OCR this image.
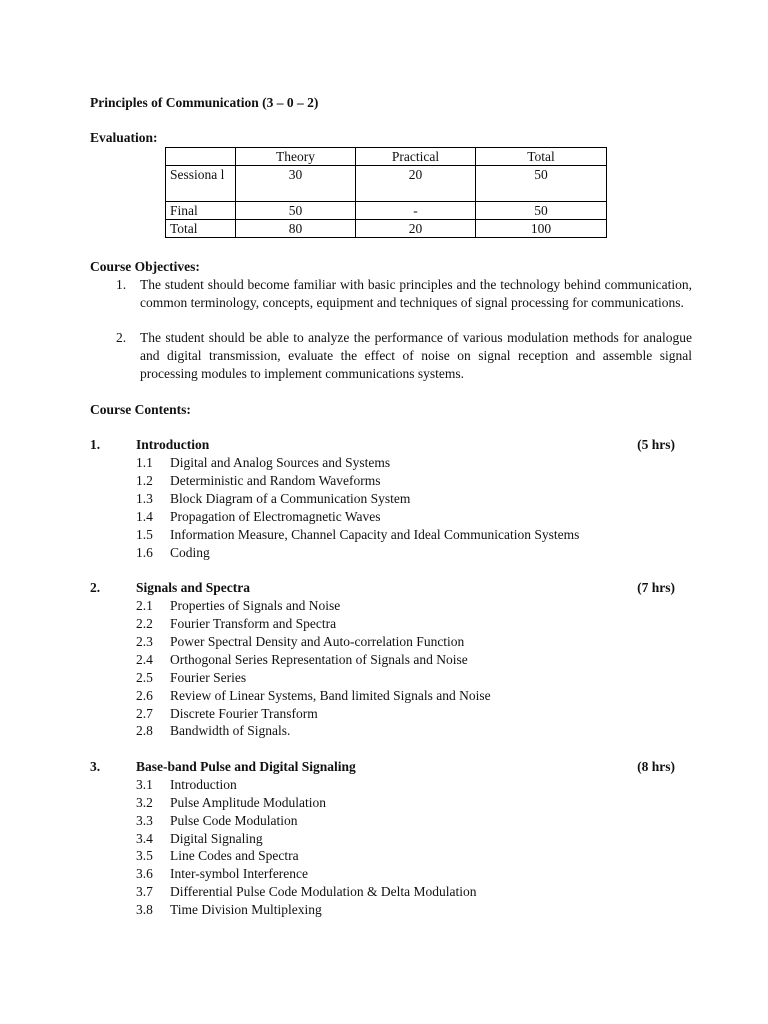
Principles of Communication (3 – 0 – 2)
Evaluation:
	Theory	Practical	Total
Sessiona l	30	20	50
Final	50	-	50
Total	80	20	100
Course Objectives:
1.	The student should become familiar with basic principles and the technology behind communication, common terminology, concepts, equipment and techniques of signal processing for communications.
2.	The student should be able to analyze the performance of various modulation methods for analogue and digital transmission, evaluate the effect of noise on signal reception and assemble signal processing modules to implement communications systems.
Course Contents:
1.	Introduction	(5 hrs)
1.1 Digital and Analog Sources and Systems
1.2 Deterministic and Random Waveforms
1.3 Block Diagram of a Communication System
1.4 Propagation of Electromagnetic Waves
1.5 Information Measure, Channel Capacity and Ideal Communication Systems
1.6 Coding
2.	Signals and Spectra	(7 hrs)
2.1 Properties of Signals and Noise
2.2 Fourier Transform and Spectra
2.3 Power Spectral Density and Auto-correlation Function
2.4 Orthogonal Series Representation of Signals and Noise
2.5 Fourier Series
2.6 Review of Linear Systems, Band limited Signals and Noise
2.7 Discrete Fourier Transform
2.8 Bandwidth of Signals.
3.	Base-band Pulse and Digital Signaling	(8 hrs)
3.1 Introduction
3.2 Pulse Amplitude Modulation
3.3 Pulse Code Modulation
3.4 Digital Signaling
3.5 Line Codes and Spectra
3.6 Inter-symbol Interference
3.7 Differential Pulse Code Modulation & Delta Modulation
3.8 Time Division Multiplexing
